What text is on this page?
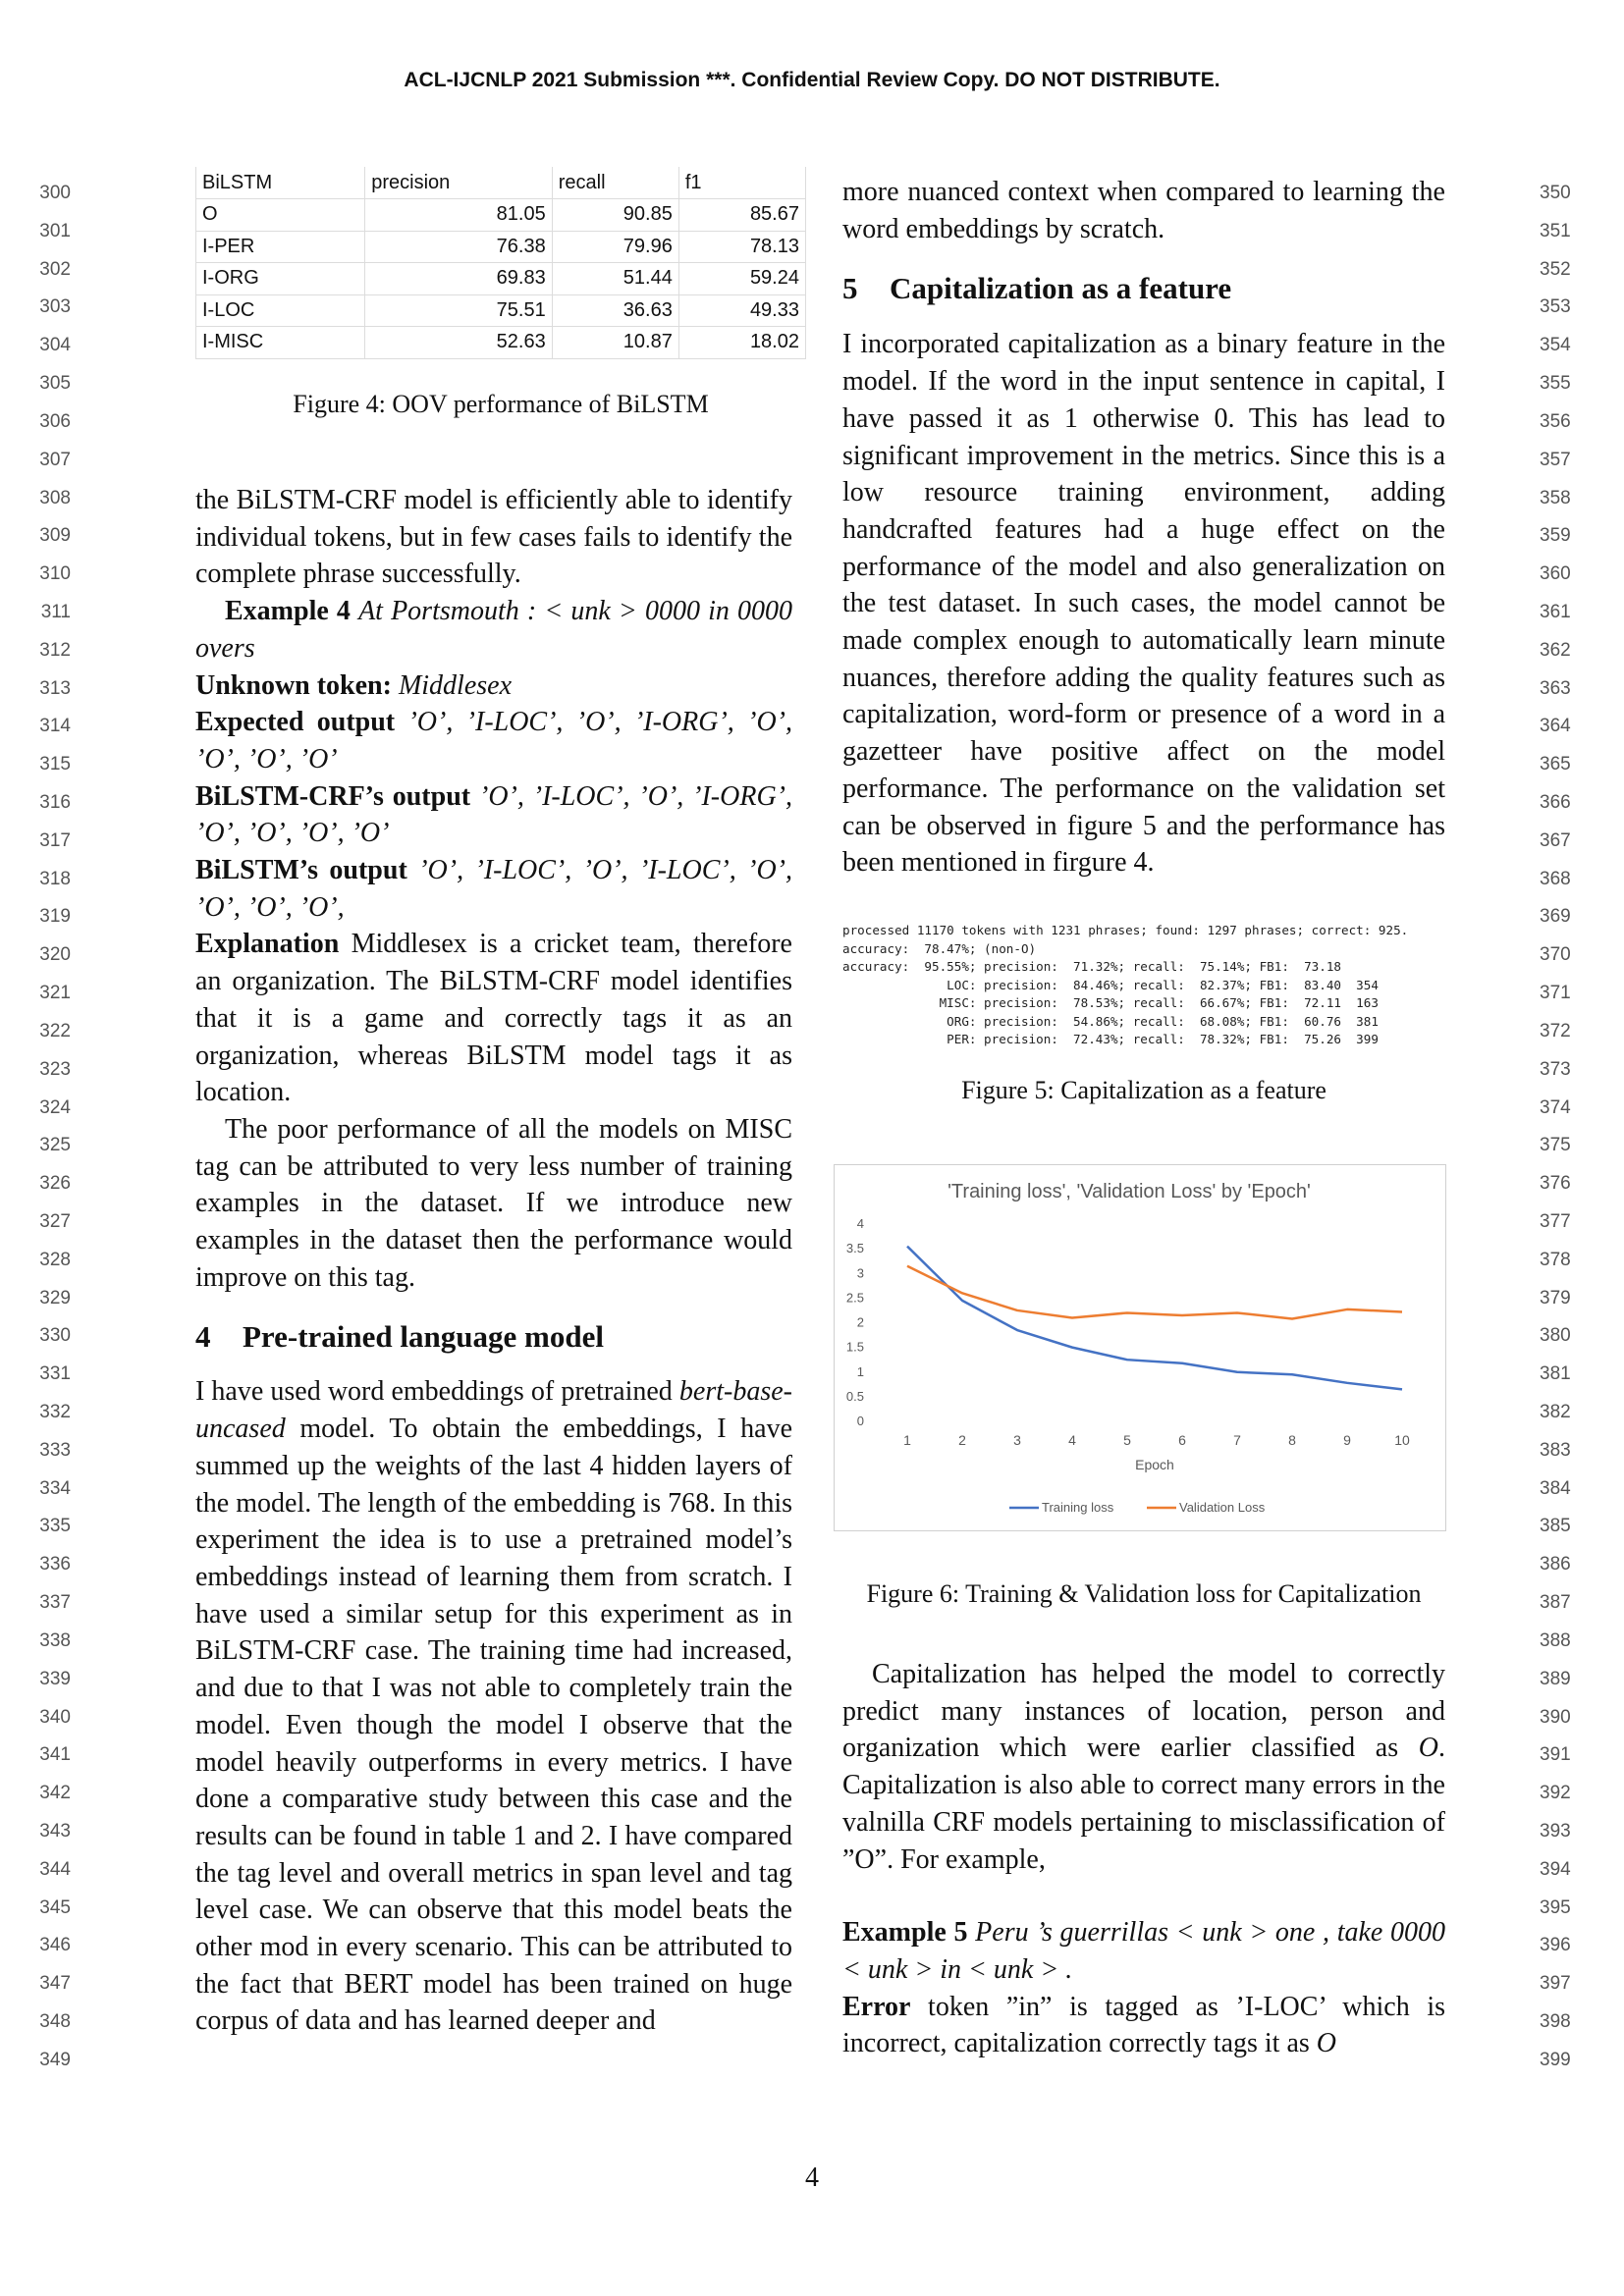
ACL-IJCNLP 2021 Submission ***. Confidential Review Copy. DO NOT DISTRIBUTE.
300
301
302
303
304
305
306
307
308
309
310
311
312
313
314
315
316
317
318
319
320
321
322
323
324
325
326
327
328
329
330
331
332
333
334
335
336
337
338
339
340
341
342
343
344
345
346
347
348
349
350
351
352
353
354
355
356
357
358
359
360
361
362
363
364
365
366
367
368
369
370
371
372
373
374
375
376
377
378
379
380
381
382
383
384
385
386
387
388
389
390
391
392
393
394
395
396
397
398
399
BiLSTM	precision	recall	f1
O	81.05	90.85	85.67
I-PER	76.38	79.96	78.13
I-ORG	69.83	51.44	59.24
I-LOC	75.51	36.63	49.33
I-MISC	52.63	10.87	18.02
Figure 4: OOV performance of BiLSTM

the BiLSTM-CRF model is efficiently able to identify individual tokens, but in few cases fails to identify the complete phrase successfully.

Example 4 At Portsmouth : < unk > 0000 in 0000 overs

Unknown token: Middlesex

Expected output ’O’, ’I-LOC’, ’O’, ’I-ORG’, ’O’, ’O’, ’O’, ’O’

BiLSTM-CRF’s output ’O’, ’I-LOC’, ’O’, ’I-ORG’, ’O’, ’O’, ’O’, ’O’

BiLSTM’s output ’O’, ’I-LOC’, ’O’, ’I-LOC’, ’O’, ’O’, ’O’, ’O’,

Explanation Middlesex is a cricket team, therefore an organization. The BiLSTM-CRF model identifies that it is a game and correctly tags it as an organization, whereas BiLSTM model tags it as location.

The poor performance of all the models on MISC tag can be attributed to very less number of training examples in the dataset. If we introduce new examples in the dataset then the performance would improve on this tag.

4 Pre-trained language model

I have used word embeddings of pretrained bert-base-uncased model. To obtain the embeddings, I have summed up the weights of the last 4 hidden layers of the model. The length of the embedding is 768. In this experiment the idea is to use a pretrained model’s embeddings instead of learning them from scratch. I have used a similar setup for this experiment as in BiLSTM-CRF case. The training time had increased, and due to that I was not able to completely train the model. Even though the model I observe that the model heavily outperforms in every metrics. I have done a comparative study between this case and the results can be found in table 1 and 2. I have compared the tag level and overall metrics in span level and tag level case. We can observe that this model beats the other mod in every scenario. This can be attributed to the fact that BERT model has been trained on huge corpus of data and has learned deeper and

more nuanced context when compared to learning the word embeddings by scratch.

5 Capitalization as a feature

I incorporated capitalization as a binary feature in the model. If the word in the input sentence in capital, I have passed it as 1 otherwise 0. This has lead to significant improvement in the metrics. Since this is a low resource training environment, adding handcrafted features had a huge effect on the performance of the model and also generalization on the test dataset. In such cases, the model cannot be made complex enough to automatically learn minute nuances, therefore adding the quality features such as capitalization, word-form or presence of a word in a gazetteer have positive affect on the model performance. The performance on the validation set can be observed in figure 5 and the performance has been mentioned in firgure 4.

processed 11170 tokens with 1231 phrases; found: 1297 phrases; correct: 925.
accuracy:  78.47%; (non-O)
accuracy:  95.55%; precision:  71.32%; recall:  75.14%; FB1:  73.18
LOC: precision:  84.46%; recall:  82.37%; FB1:  83.40  354
MISC: precision:  78.53%; recall:  66.67%; FB1:  72.11  163
ORG: precision:  54.86%; recall:  68.08%; FB1:  60.76  381
PER: precision:  72.43%; recall:  78.32%; FB1:  75.26  399
Figure 5: Capitalization as a feature
'Training loss', 'Validation Loss' by 'Epoch'
0
0.5
1
1.5
2
2.5
3
3.5
4
1	2	3	4	5	6	7	8	9	10
Epoch
Training loss	Validation Loss
Figure 6: Training & Validation loss for Capitalization

Capitalization has helped the model to correctly predict many instances of location, person and organization which were earlier classified as O. Capitalization is also able to correct many errors in the valnilla CRF models pertaining to misclassification of ”O”. For example,

Example 5 Peru ’s guerrillas < unk > one , take 0000 < unk > in < unk > .

Error token ”in” is tagged as ’I-LOC’ which is incorrect, capitalization correctly tags it as O

4
